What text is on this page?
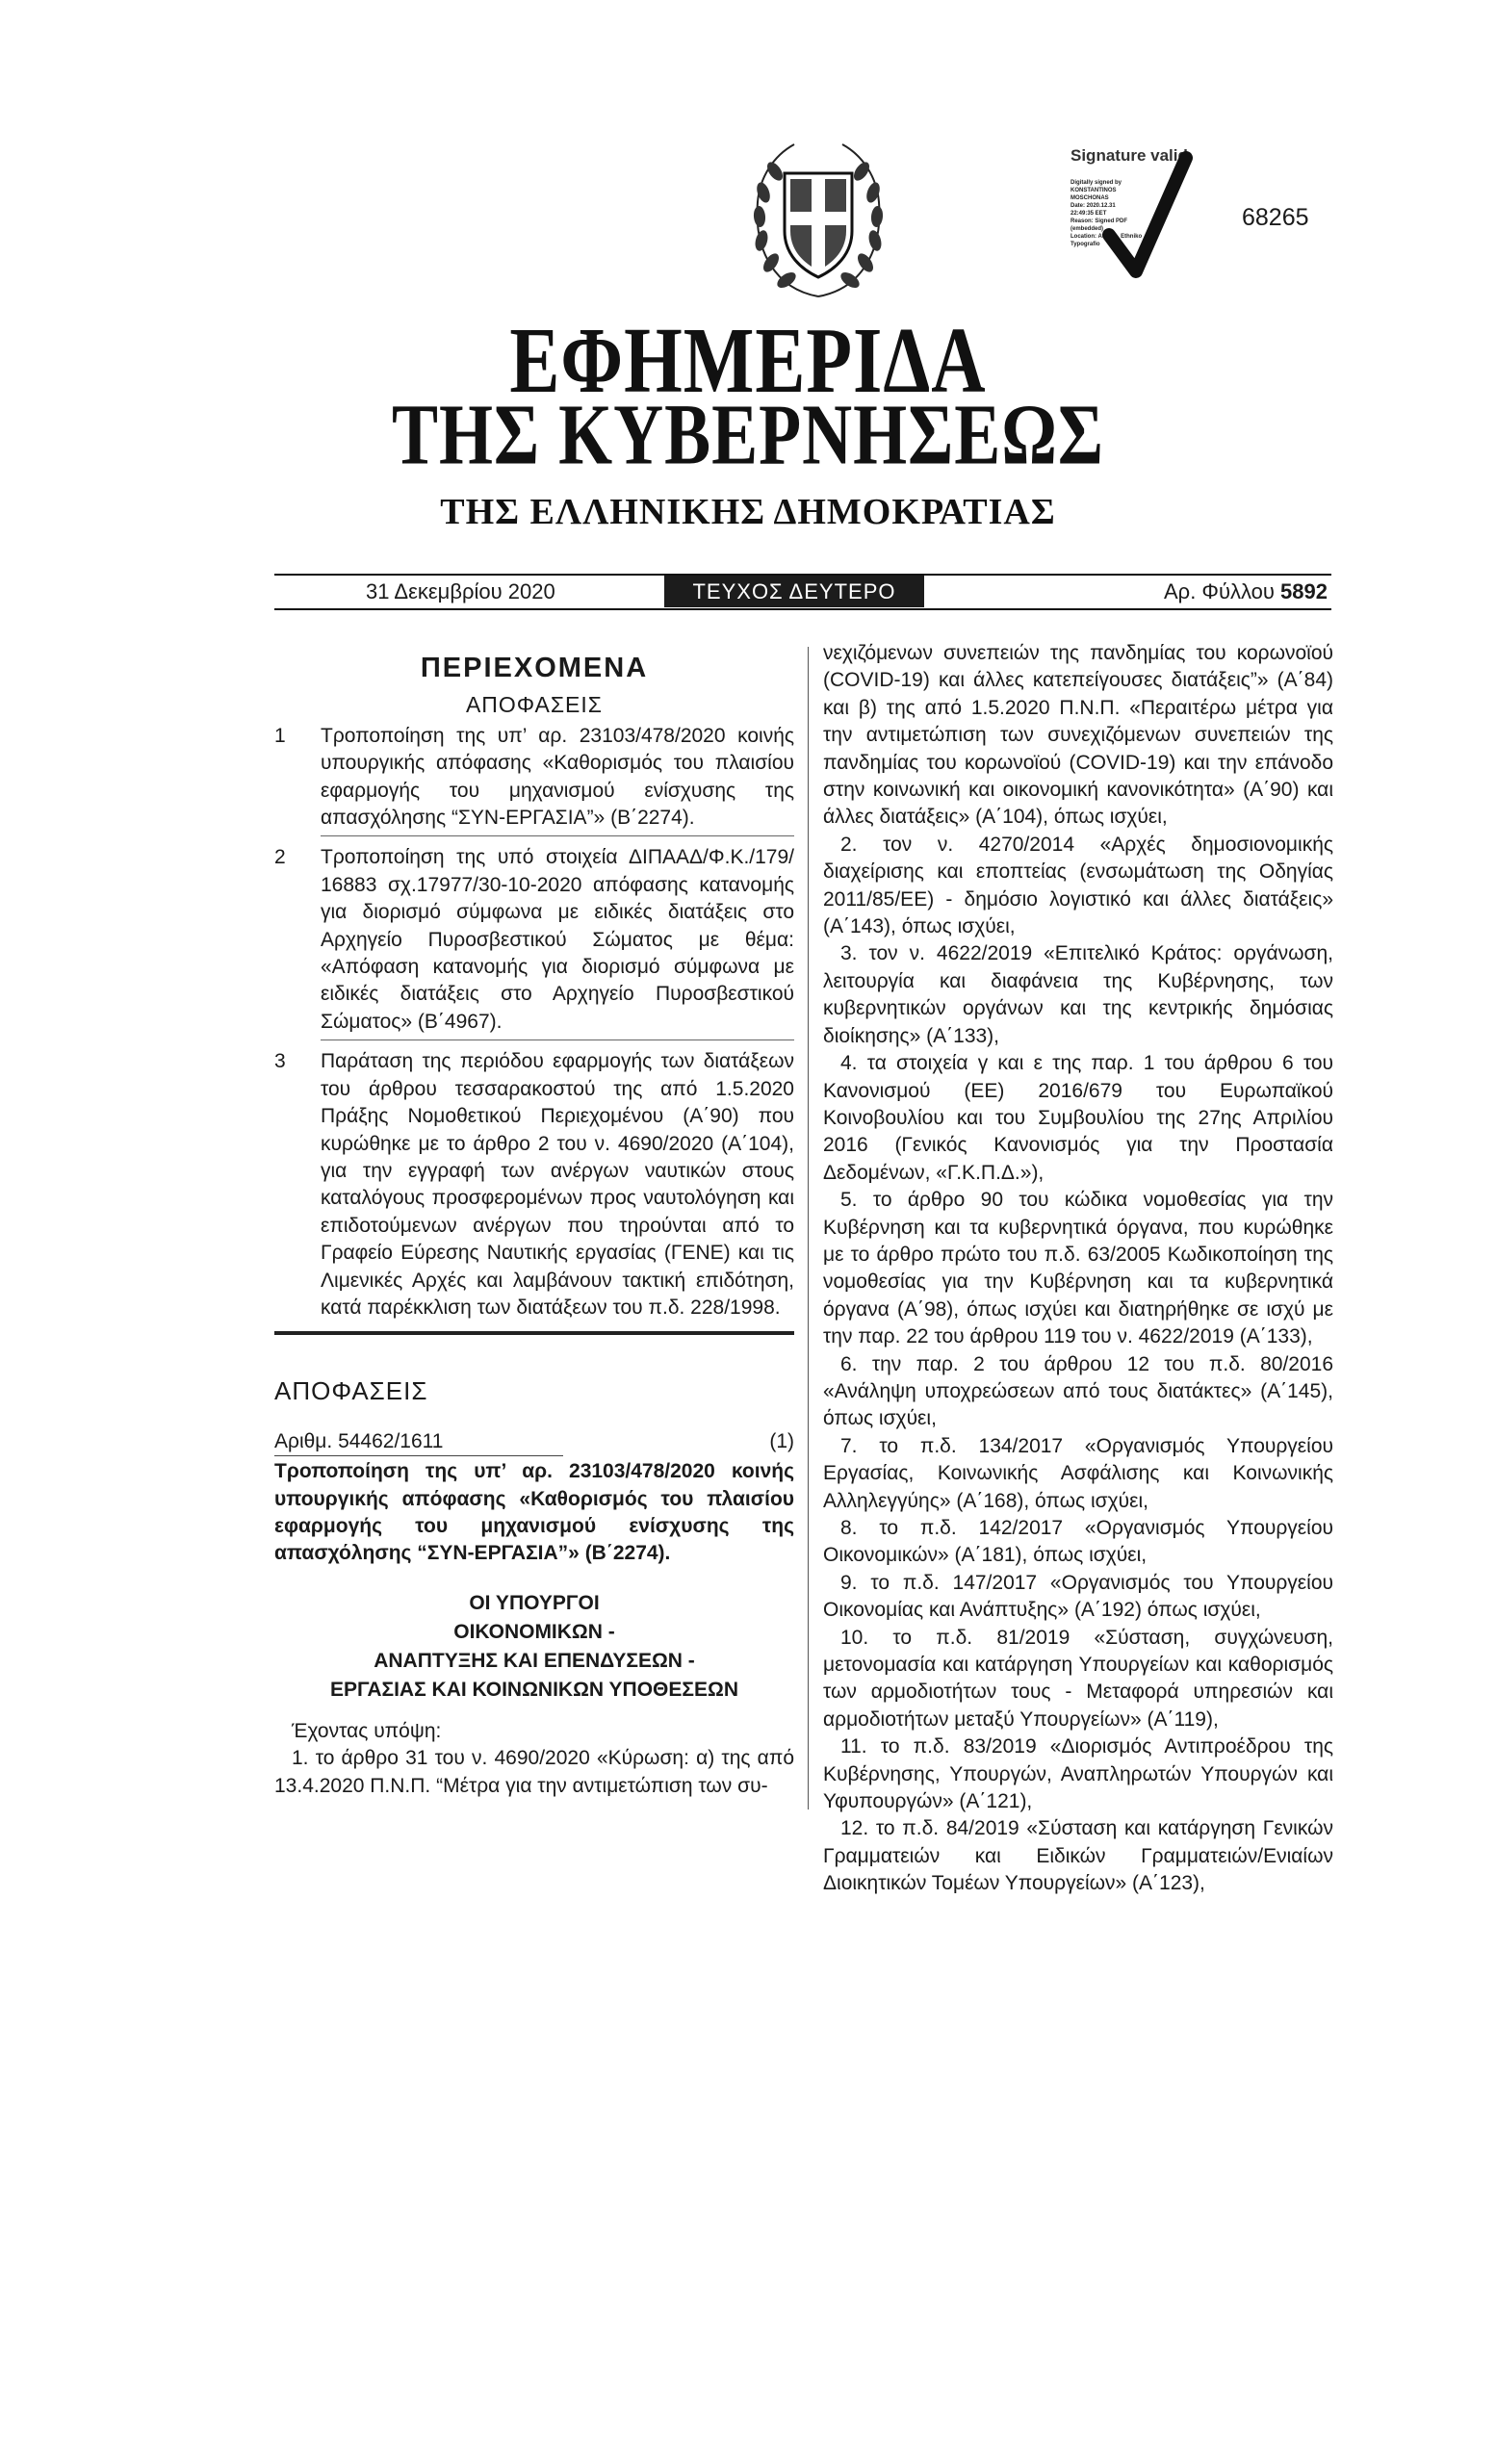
Signature valid
Digitally signed by
KONSTANTINOS
MOSCHONAS
Date: 2020.12.31
22:49:35 EET
Reason: Signed PDF
(embedded)
Location: Athens, Ethniko
Typografio
68265
ΕΦΗΜΕΡΙΔΑ
ΤΗΣ ΚΥΒΕΡΝΗΣΕΩΣ
ΤΗΣ ΕΛΛΗΝΙΚΗΣ ΔΗΜΟΚΡΑΤΙΑΣ
31 Δεκεμβρίου 2020	ΤΕΥΧΟΣ ΔΕΥΤΕΡΟ	Αρ. Φύλλου 5892
ΠΕΡΙΕΧΟΜΕΝΑ
ΑΠΟΦΑΣΕΙΣ
1	Τροποποίηση της υπ’ αρ. 23103/478/2020 κοινής υπουργικής απόφασης «Καθορισμός του πλαισίου εφαρμογής του μηχανισμού ενίσχυσης της απασχόλησης “ΣΥΝ-ΕΡΓΑΣΙΑ”» (Β΄2274).
2	Τροποποίηση της υπό στοιχεία ΔΙΠΑΑΔ/Φ.Κ./179/ 16883 σχ.17977/30-10-2020 απόφασης κατανομής για διορισμό σύμφωνα με ειδικές διατάξεις στο Αρχηγείο Πυροσβεστικού Σώματος με θέμα: «Απόφαση κατανομής για διορισμό σύμφωνα με ειδικές διατάξεις στο Αρχηγείο Πυροσβεστικού Σώματος» (Β΄4967).
3	Παράταση της περιόδου εφαρμογής των διατάξεων του άρθρου τεσσαρακοστού της από 1.5.2020 Πράξης Νομοθετικού Περιεχομένου (Α΄90) που κυρώθηκε με το άρθρο 2 του ν. 4690/2020 (Α΄104), για την εγγραφή των ανέργων ναυτικών στους καταλόγους προσφερομένων προς ναυτολόγηση και επιδοτούμενων ανέργων που τηρούνται από το Γραφείο Εύρεσης Ναυτικής εργασίας (ΓΕΝΕ) και τις Λιμενικές Αρχές και λαμβάνουν τακτική επιδότηση, κατά παρέκκλιση των διατάξεων του π.δ. 228/1998.
ΑΠΟΦΑΣΕΙΣ
Αριθμ. 54462/1611	(1)
Τροποποίηση της υπ’ αρ. 23103/478/2020 κοινής υπουργικής απόφασης «Καθορισμός του πλαισίου εφαρμογής του μηχανισμού ενίσχυσης της απασχόλησης “ΣΥΝ-ΕΡΓΑΣΙΑ”» (Β΄2274).
ΟΙ ΥΠΟΥΡΓΟΙ
ΟΙΚΟΝΟΜΙΚΩΝ -
ΑΝΑΠΤΥΞΗΣ ΚΑΙ ΕΠΕΝΔΥΣΕΩΝ -
ΕΡΓΑΣΙΑΣ ΚΑΙ ΚΟΙΝΩΝΙΚΩΝ ΥΠΟΘΕΣΕΩΝ

Έχοντας υπόψη:

1. το άρθρο 31 του ν. 4690/2020 «Κύρωση: α) της από 13.4.2020 Π.Ν.Π. “Μέτρα για την αντιμετώπιση των συ-

νεχιζόμενων συνεπειών της πανδημίας του κορωνοϊού (COVID-19) και άλλες κατεπείγουσες διατάξεις”» (Α΄84) και β) της από 1.5.2020 Π.Ν.Π. «Περαιτέρω μέτρα για την αντιμετώπιση των συνεχιζόμενων συνεπειών της πανδημίας του κορωνοϊού (COVID-19) και την επάνοδο στην κοινωνική και οικονομική κανονικότητα» (Α΄90) και άλλες διατάξεις» (Α΄104), όπως ισχύει,

2. τον ν. 4270/2014 «Αρχές δημοσιονομικής διαχείρισης και εποπτείας (ενσωμάτωση της Οδηγίας 2011/85/ΕΕ) - δημόσιο λογιστικό και άλλες διατάξεις» (Α΄143), όπως ισχύει,

3. τον ν. 4622/2019 «Επιτελικό Κράτος: οργάνωση, λειτουργία και διαφάνεια της Κυβέρνησης, των κυβερνητικών οργάνων και της κεντρικής δημόσιας διοίκησης» (Α΄133),

4. τα στοιχεία γ και ε της παρ. 1 του άρθρου 6 του Κανονισμού (ΕΕ) 2016/679 του Ευρωπαϊκού Κοινοβουλίου και του Συμβουλίου της 27ης Απριλίου 2016 (Γενικός Κανονισμός για την Προστασία Δεδομένων, «Γ.Κ.Π.Δ.»),

5. το άρθρο 90 του κώδικα νομοθεσίας για την Κυβέρνηση και τα κυβερνητικά όργανα, που κυρώθηκε με το άρθρο πρώτο του π.δ. 63/2005 Κωδικοποίηση της νομοθεσίας για την Κυβέρνηση και τα κυβερνητικά όργανα (Α΄98), όπως ισχύει και διατηρήθηκε σε ισχύ με την παρ. 22 του άρθρου 119 του ν. 4622/2019 (Α΄133),

6. την παρ. 2 του άρθρου 12 του π.δ. 80/2016 «Ανάληψη υποχρεώσεων από τους διατάκτες» (Α΄145), όπως ισχύει,

7. το π.δ. 134/2017 «Οργανισμός Υπουργείου Εργασίας, Κοινωνικής Ασφάλισης και Κοινωνικής Αλληλεγγύης» (Α΄168), όπως ισχύει,

8. το π.δ. 142/2017 «Οργανισμός Υπουργείου Οικονομικών» (Α΄181), όπως ισχύει,

9. το π.δ. 147/2017 «Οργανισμός του Υπουργείου Οικονομίας και Ανάπτυξης» (Α΄192) όπως ισχύει,

10. το π.δ. 81/2019 «Σύσταση, συγχώνευση, μετονομασία και κατάργηση Υπουργείων και καθορισμός των αρμοδιοτήτων τους - Μεταφορά υπηρεσιών και αρμοδιοτήτων μεταξύ Υπουργείων» (Α΄119),

11. το π.δ. 83/2019 «Διορισμός Αντιπροέδρου της Κυβέρνησης, Υπουργών, Αναπληρωτών Υπουργών και Υφυπουργών» (Α΄121),

12. το π.δ. 84/2019 «Σύσταση και κατάργηση Γενικών Γραμματειών και Ειδικών Γραμματειών/Ενιαίων Διοικητικών Τομέων Υπουργείων» (Α΄123),
